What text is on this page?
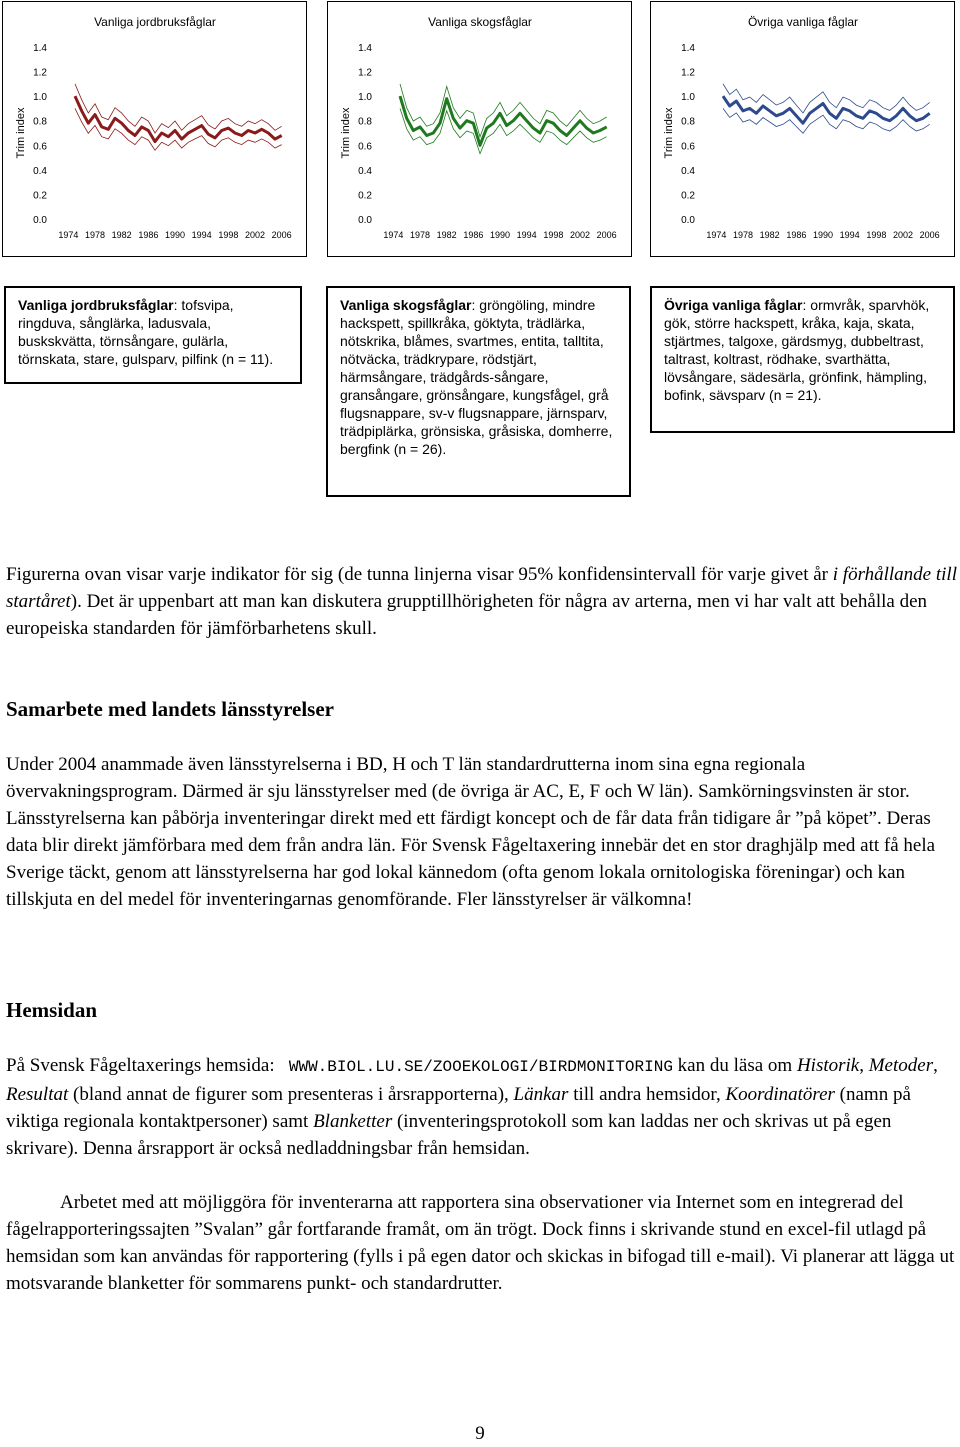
Vanliga jordbruksfåglar
Trim index
0.0
0.2
0.4
0.6
0.8
1.0
1.2
1.4
1974 1978 1982 1986 1990 1994 1998 2002 2006
Vanliga skogsfåglar
Trim index
0.0
0.2
0.4
0.6
0.8
1.0
1.2
1.4
1974 1978 1982 1986 1990 1994 1998 2002 2006
Övriga vanliga fåglar
Trim index
0.0
0.2
0.4
0.6
0.8
1.0
1.2
1.4
1974 1978 1982 1986 1990 1994 1998 2002 2006
Vanliga jordbruksfåglar: tofsvipa, ringduva, sånglärka, ladusvala, buskskvätta, törnsångare, gulärla, törnskata, stare, gulsparv, pilfink (n = 11).
Vanliga skogsfåglar: gröngöling, mindre hackspett, spillkråka, göktyta, trädlärka, nötskrika, blåmes, svartmes, entita, talltita, nötväcka, trädkrypare, rödstjärt, härmsångare, trädgårds-sångare, gransångare, grönsångare, kungsfågel, grå flugsnappare, sv-v flugsnappare, järnsparv, trädpiplärka, grönsiska, gråsiska, domherre, bergfink (n = 26).
Övriga vanliga fåglar: ormvråk, sparvhök, gök, större hackspett, kråka, kaja, skata, stjärtmes, talgoxe, gärdsmyg, dubbeltrast, taltrast, koltrast, rödhake, svarthätta, lövsångare, sädesärla, grönfink, hämpling, bofink, sävsparv (n = 21).

Figurerna ovan visar varje indikator för sig (de tunna linjerna visar 95% konfidensintervall för varje givet år i förhållande till startåret). Det är uppenbart att man kan diskutera grupptillhörigheten för några av arterna, men vi har valt att behålla den europeiska standarden för jämförbarhetens skull.

Samarbete med landets länsstyrelser

Under 2004 anammade även länsstyrelserna i BD, H och T län standardrutterna inom sina egna regionala övervakningsprogram. Därmed är sju länsstyrelser med (de övriga är AC, E, F och W län). Samkörningsvinsten är stor. Länsstyrelserna kan påbörja inventeringar direkt med ett färdigt koncept och de får data från tidigare år ”på köpet”. Deras data blir direkt jämförbara med dem från andra län. För Svensk Fågeltaxering innebär det en stor draghjälp med att få hela Sverige täckt, genom att länsstyrelserna har god lokal kännedom (ofta genom lokala ornitologiska föreningar) och kan tillskjuta en del medel för inventeringarnas genomförande. Fler länsstyrelser är välkomna!

Hemsidan

På Svensk Fågeltaxerings hemsida: WWW.BIOL.LU.SE/ZOOEKOLOGI/BIRDMONITORING kan du läsa om Historik, Metoder, Resultat (bland annat de figurer som presenteras i årsrapporterna), Länkar till andra hemsidor, Koordinatörer (namn på viktiga regionala kontaktpersoner) samt Blanketter (inventeringsprotokoll som kan laddas ner och skrivas ut på egen skrivare). Denna årsrapport är också nedladdningsbar från hemsidan.

Arbetet med att möjliggöra för inventerarna att rapportera sina observationer via Internet som en integrerad del fågelrapporteringssajten ”Svalan” går fortfarande framåt, om än trögt. Dock finns i skrivande stund en excel-fil utlagd på hemsidan som kan användas för rapportering (fylls i på egen dator och skickas in bifogad till e-mail). Vi planerar att lägga ut motsvarande blanketter för sommarens punkt- och standardrutter.

9
